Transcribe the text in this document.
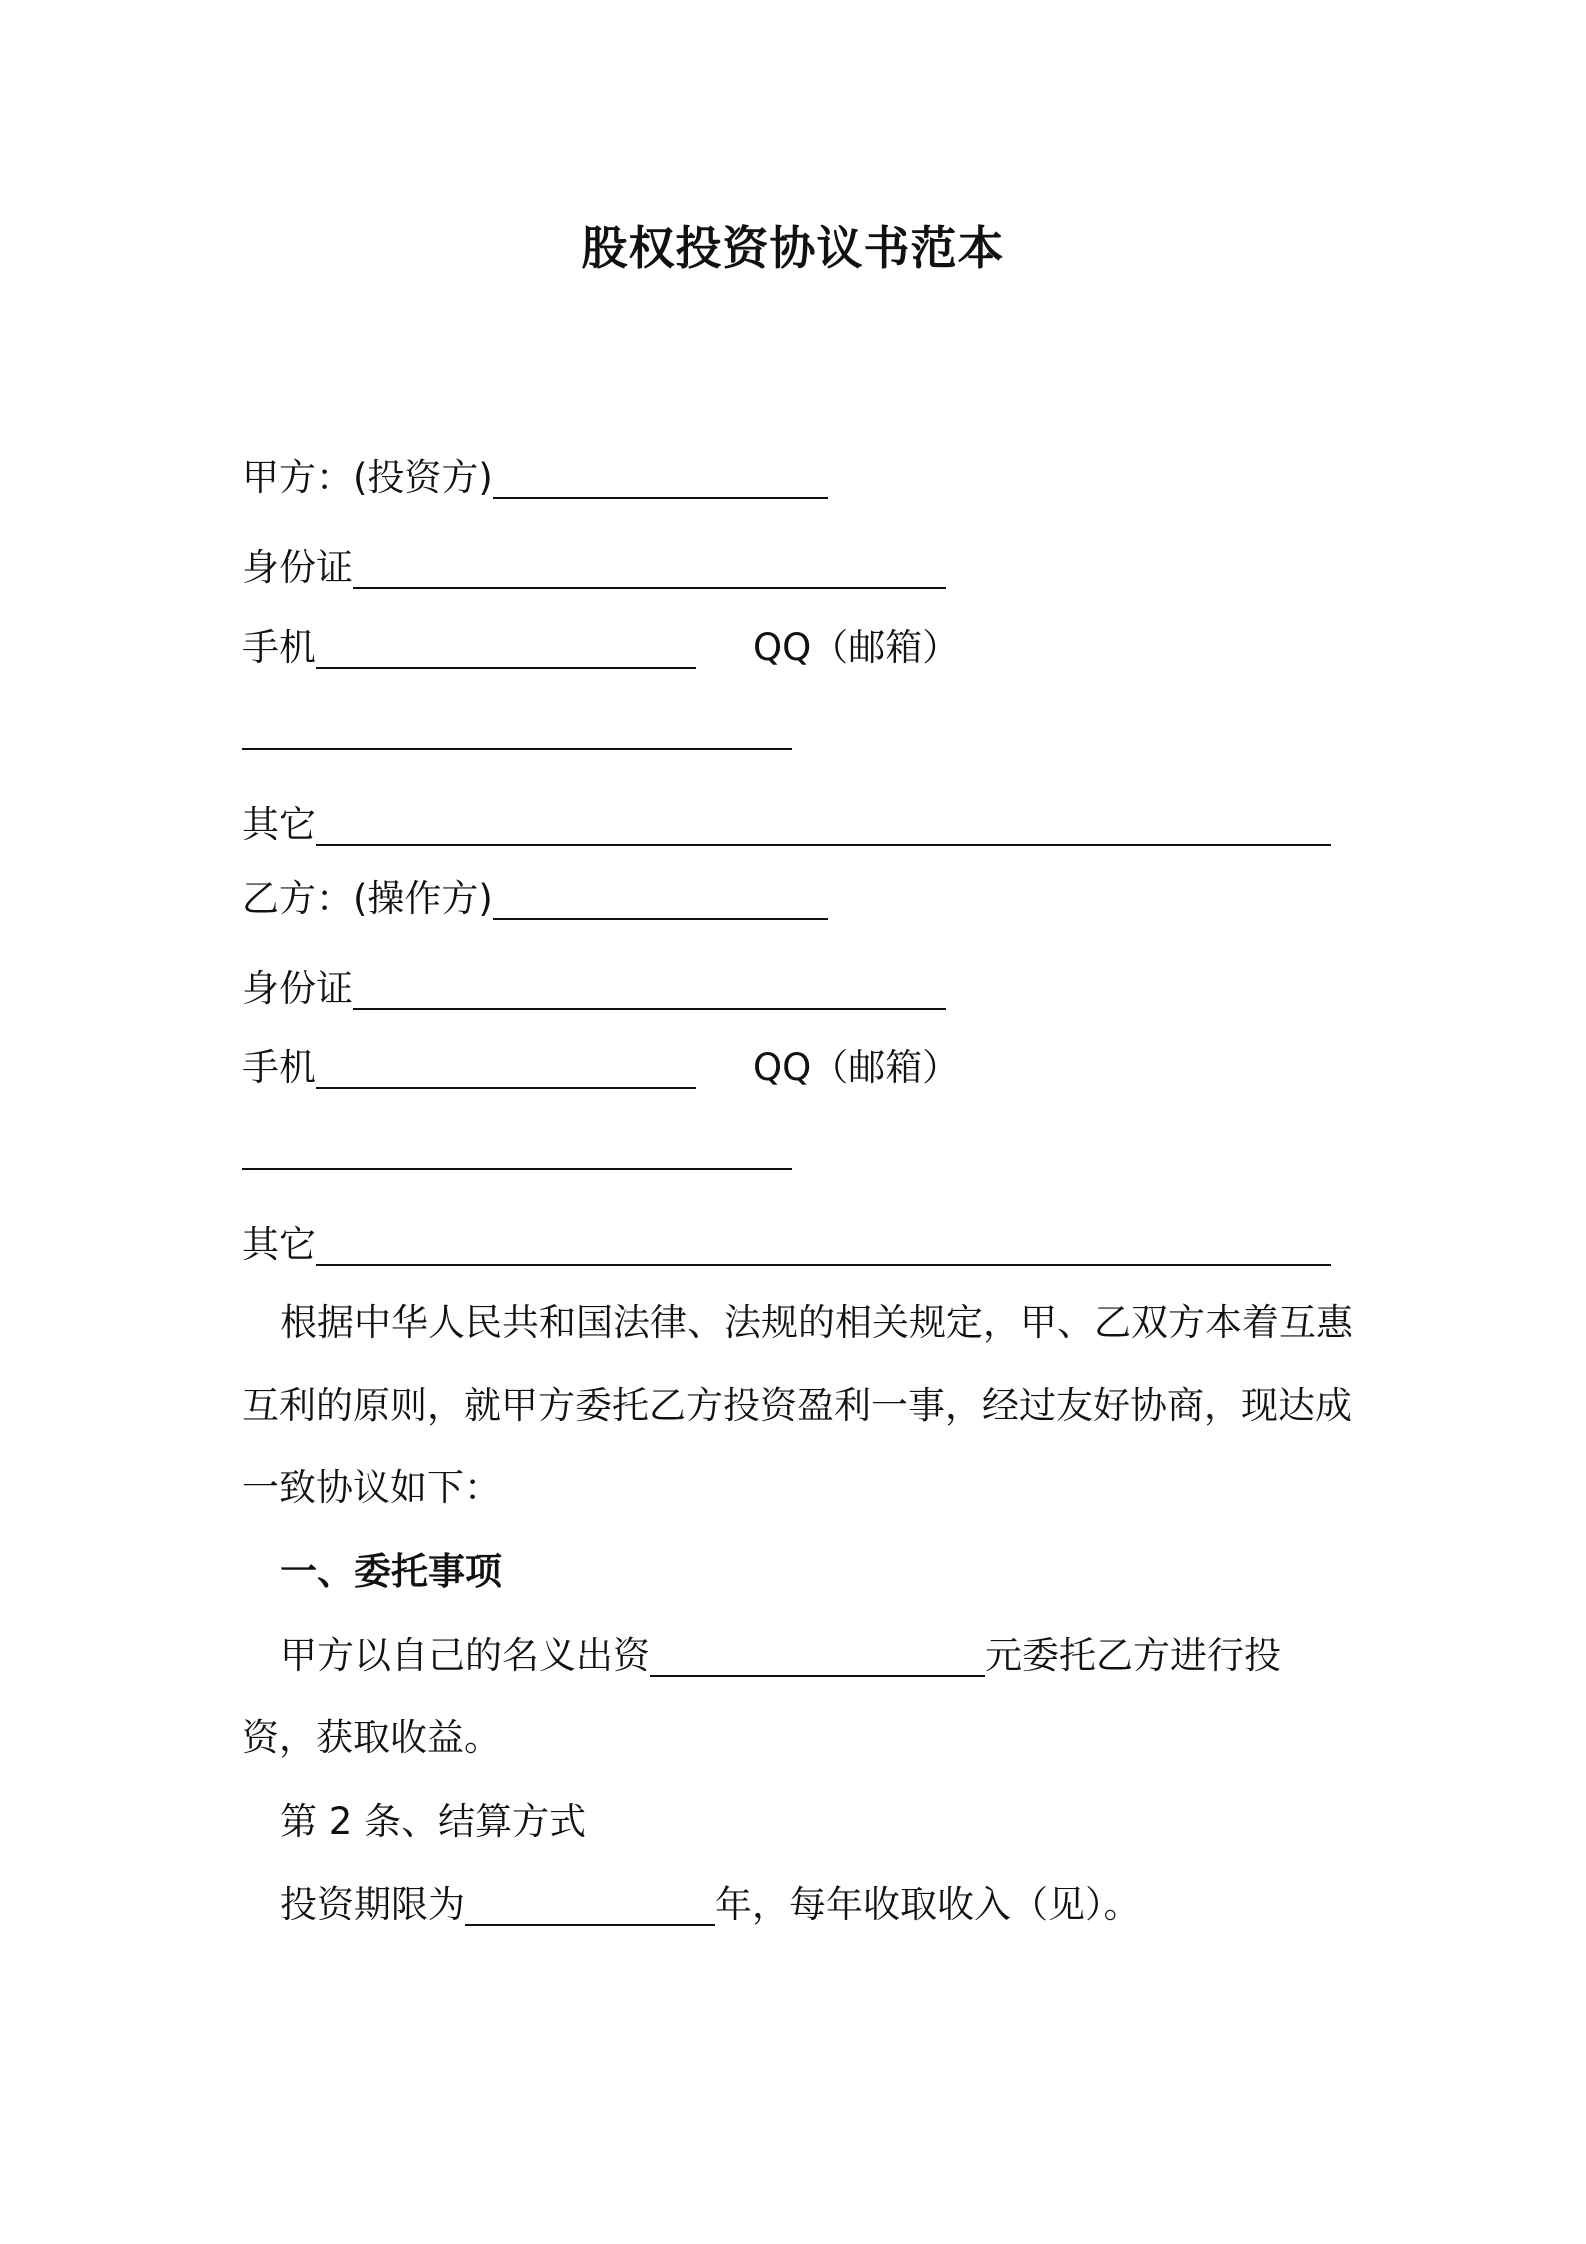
股权投资协议书范本
甲方：(投资方)
身份证
手机	QQ（邮箱）
其它
乙方：(操作方)
身份证
手机	QQ（邮箱）
其它
根据中华人民共和国法律、法规的相关规定，甲、乙双方本着互惠
互利的原则，就甲方委托乙方投资盈利一事，经过友好协商，现达成
一致协议如下：
一、委托事项
甲方以自己的名义出资	元委托乙方进行投
资，获取收益。
第 2 条、结算方式
投资期限为	年，每年收取收入（见）。
